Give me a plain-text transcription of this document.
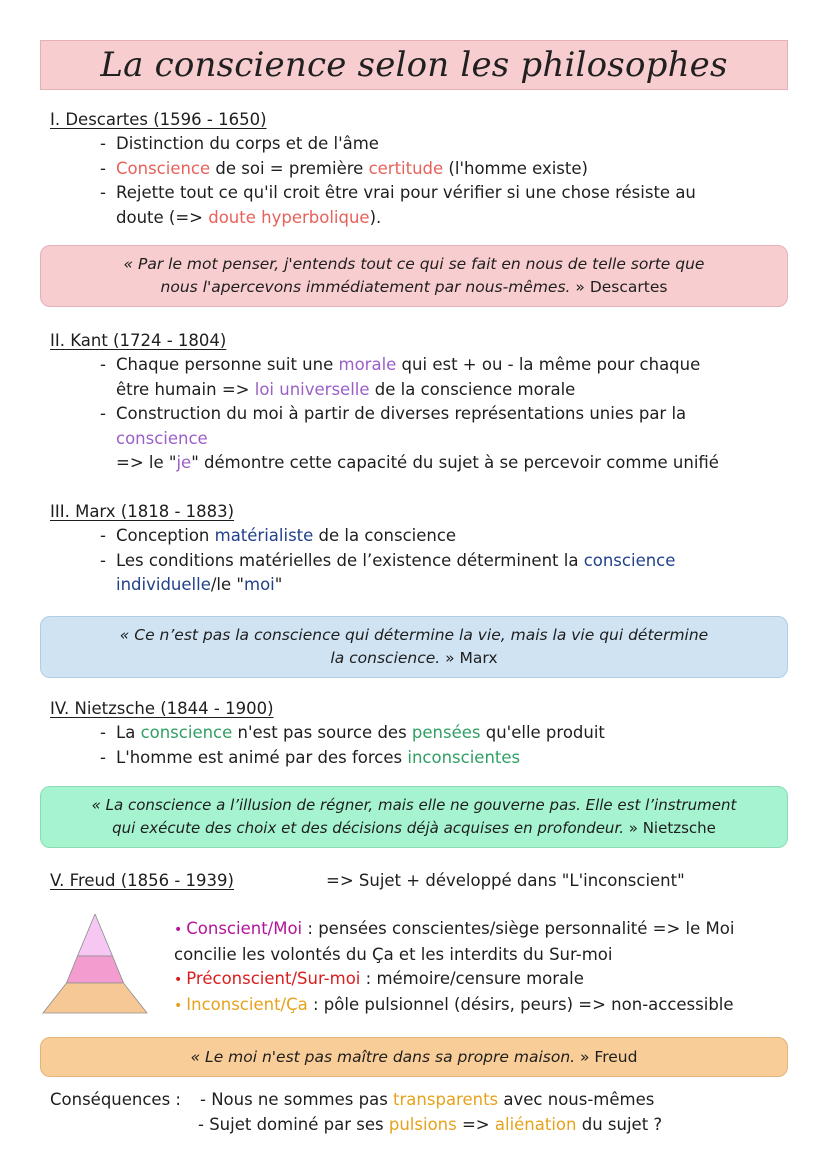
La conscience selon les philosophes
I. Descartes (1596 - 1650)
- Distinction du corps et de l'âme
- Conscience de soi = première certitude (l'homme existe)
- Rejette tout ce qu'il croit être vrai pour vérifier si une chose résiste au
doute (=> doute hyperbolique).
« Par le mot penser, j'entends tout ce qui se fait en nous de telle sorte que
nous l'apercevons immédiatement par nous-mêmes. » Descartes
II. Kant (1724 - 1804)
- Chaque personne suit une morale qui est + ou - la même pour chaque
être humain => loi universelle de la conscience morale
- Construction du moi à partir de diverses représentations unies par la
conscience
=> le "je" démontre cette capacité du sujet à se percevoir comme unifié
III. Marx (1818 - 1883)
- Conception matérialiste de la conscience
- Les conditions matérielles de l’existence déterminent la conscience
individuelle/le "moi"
« Ce n’est pas la conscience qui détermine la vie, mais la vie qui détermine
la conscience. » Marx
IV. Nietzsche (1844 - 1900)
- La conscience n'est pas source des pensées qu'elle produit
- L'homme est animé par des forces inconscientes
« La conscience a l’illusion de régner, mais elle ne gouverne pas. Elle est l’instrument
qui exécute des choix et des décisions déjà acquises en profondeur. » Nietzsche
V. Freud (1856 - 1939)	=> Sujet + développé dans "L'inconscient"
• Conscient/Moi : pensées conscientes/siège personnalité => le Moi
concilie les volontés du Ça et les interdits du Sur-moi
• Préconscient/Sur-moi : mémoire/censure morale
• Inconscient/Ça : pôle pulsionnel (désirs, peurs) => non-accessible
« Le moi n'est pas maître dans sa propre maison. » Freud
Conséquences :	- Nous ne sommes pas transparents avec nous-mêmes
- Sujet dominé par ses pulsions => aliénation du sujet ?
